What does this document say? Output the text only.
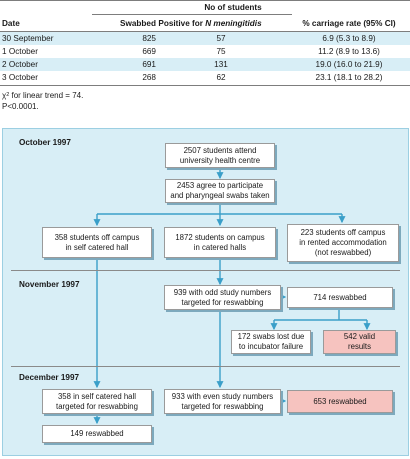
No of students
Date	Swabbed Positive for N meningitidis	% carriage rate (95% CI)
30 September	825	57	6.9 (5.3 to 8.9)
1 October	669	75	11.2 (8.9 to 13.6)
2 October	691	131	19.0 (16.0 to 21.9)
3 October	268	62	23.1 (18.1 to 28.2)
$\chi^2$ for linear trend = 74.
P<0.0001.
October 1997
November 1997
December 1997
2507 students attend
university health centre
2453 agree to participate
and pharyngeal swabs taken
358 students off campus
in self catered hall
1872 students on campus
in catered halls
223 students off campus
in rented accommodation
(not reswabbed)
939 with odd study numbers
targeted for reswabbing
714 reswabbed
172 swabs lost due
to incubator failure
542 valid
results
358 in self catered hall
targeted for reswabbing
933 with even study numbers
targeted for reswabbing
653 reswabbed
149 reswabbed
